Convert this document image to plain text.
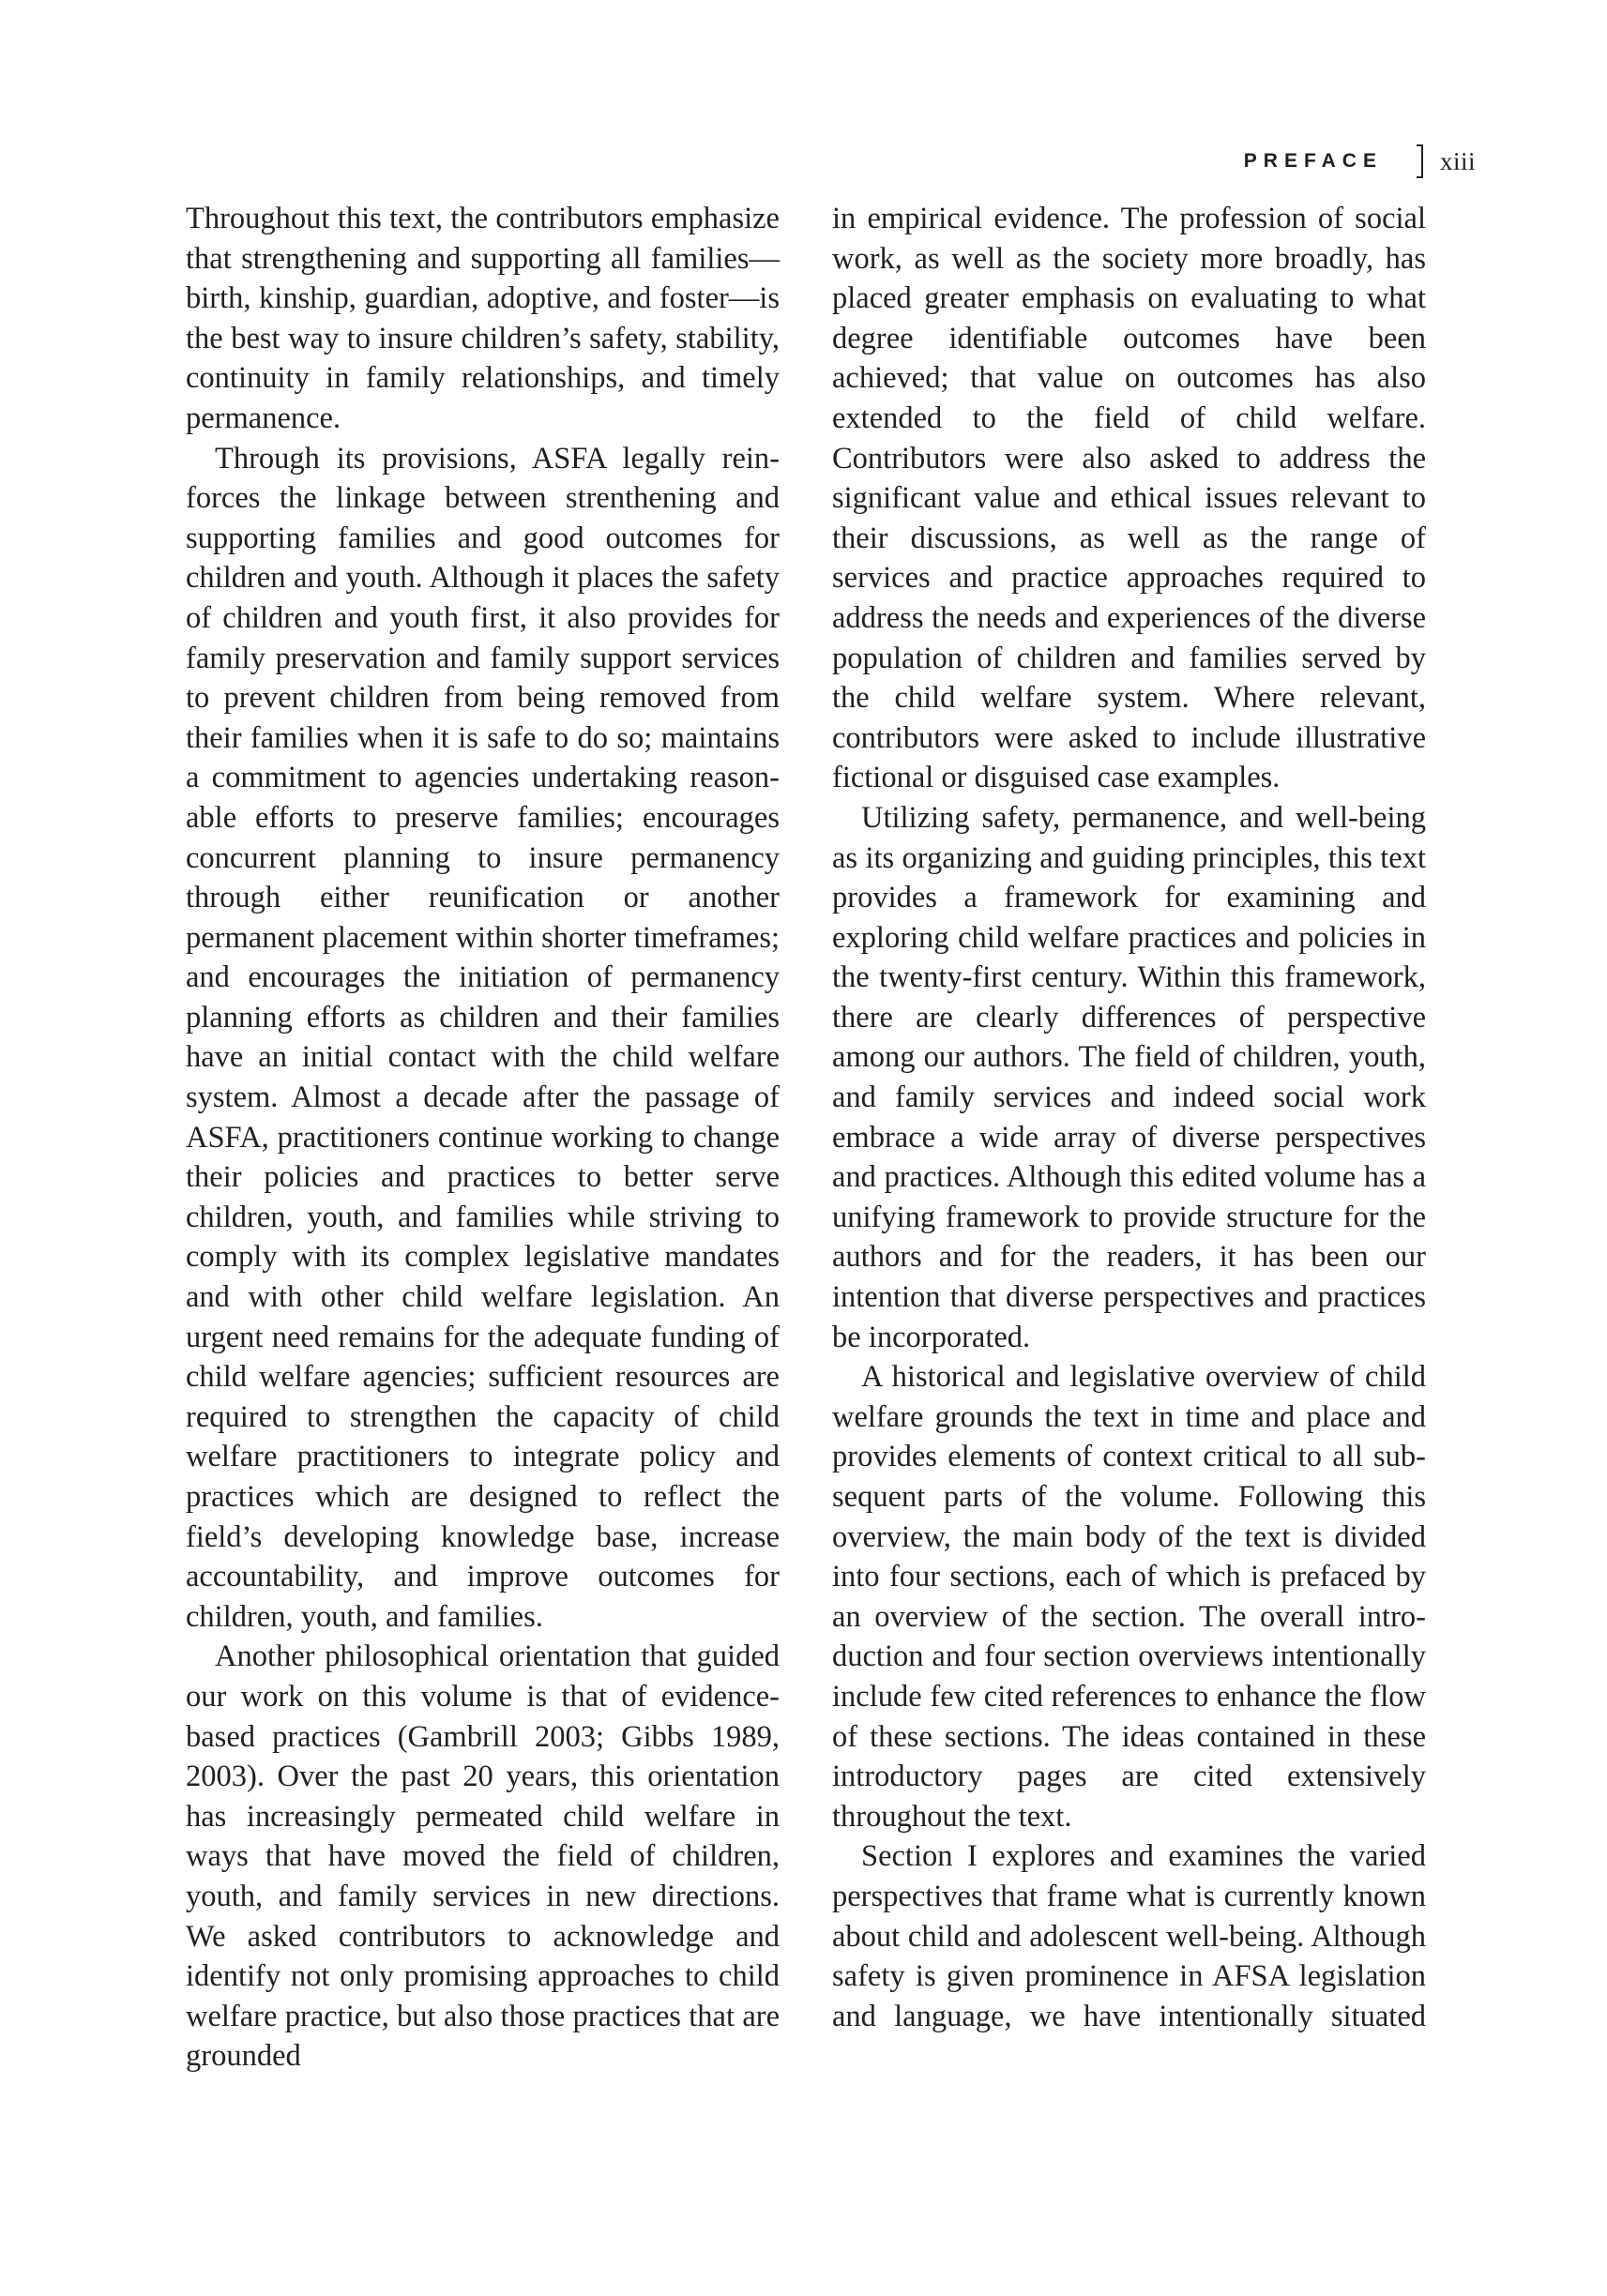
PREFACE xiii

Throughout this text, the contributors emphasize that strengthening and supporting all families—birth, kinship, guardian, adoptive, and foster—is the best way to insure children’s safety, stability, continuity in family relationships, and timely permanence.

Through its provisions, ASFA legally reinforces the linkage between strenthening and supporting families and good outcomes for children and youth. Although it places the safety of children and youth first, it also provides for family preservation and family support services to prevent children from being removed from their families when it is safe to do so; maintains a commitment to agencies undertaking reasonable efforts to preserve families; encourages concurrent planning to insure permanency through either reunification or another permanent placement within shorter timeframes; and encourages the initiation of permanency planning efforts as children and their families have an initial contact with the child welfare system. Almost a decade after the passage of ASFA, practitioners continue working to change their policies and practices to better serve children, youth, and families while striving to comply with its complex legislative mandates and with other child welfare legislation. An urgent need remains for the adequate funding of child welfare agencies; sufficient resources are required to strengthen the capacity of child welfare practitioners to integrate policy and practices which are designed to reflect the field’s developing knowledge base, increase accountability, and improve outcomes for children, youth, and families.

Another philosophical orientation that guided our work on this volume is that of evidence-based practices (Gambrill 2003; Gibbs 1989, 2003). Over the past 20 years, this orientation has increasingly permeated child welfare in ways that have moved the field of children, youth, and family services in new directions. We asked contributors to acknowledge and identify not only promising approaches to child welfare practice, but also those practices that are grounded

in empirical evidence. The profession of social work, as well as the society more broadly, has placed greater emphasis on evaluating to what degree identifiable outcomes have been achieved; that value on outcomes has also extended to the field of child welfare. Contributors were also asked to address the significant value and ethical issues relevant to their discussions, as well as the range of services and practice approaches required to address the needs and experiences of the diverse population of children and families served by the child welfare system. Where relevant, contributors were asked to include illustrative fictional or disguised case examples.

Utilizing safety, permanence, and well-being as its organizing and guiding principles, this text provides a framework for examining and exploring child welfare practices and policies in the twenty-first century. Within this framework, there are clearly differences of perspective among our authors. The field of children, youth, and family services and indeed social work embrace a wide array of diverse perspectives and practices. Although this edited volume has a unifying framework to provide structure for the authors and for the readers, it has been our intention that diverse perspectives and practices be incorporated.

A historical and legislative overview of child welfare grounds the text in time and place and provides elements of context critical to all subsequent parts of the volume. Following this overview, the main body of the text is divided into four sections, each of which is prefaced by an overview of the section. The overall introduction and four section overviews intentionally include few cited references to enhance the flow of these sections. The ideas contained in these introductory pages are cited extensively throughout the text.

Section I explores and examines the varied perspectives that frame what is currently known about child and adolescent well-being. Although safety is given prominence in AFSA legislation and language, we have intentionally situated
